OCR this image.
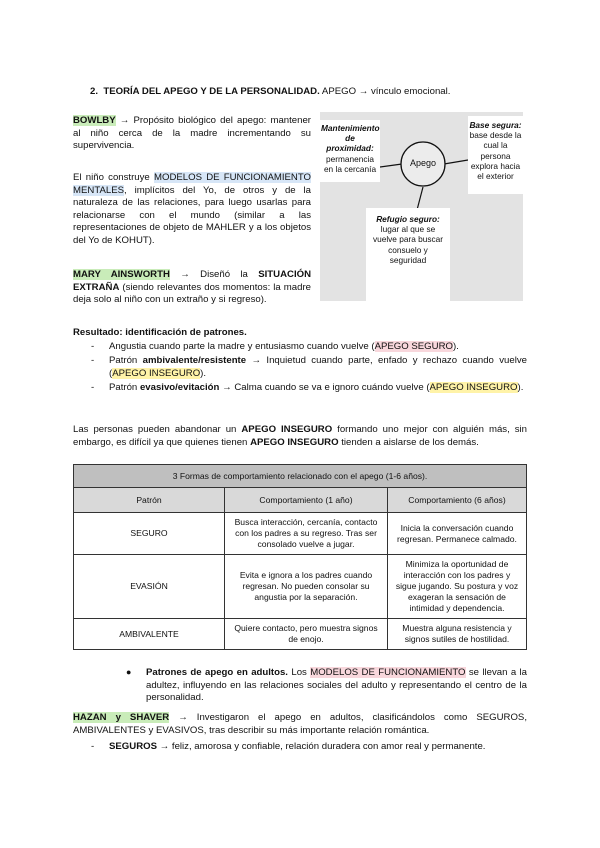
2. TEORÍA DEL APEGO Y DE LA PERSONALIDAD. APEGO → vínculo emocional.
BOWLBY → Propósito biológico del apego: mantener al niño cerca de la madre incrementando su supervivencia.
El niño construye MODELOS DE FUNCIONAMIENTO MENTALES, implícitos del Yo, de otros y de la naturaleza de las relaciones, para luego usarlas para relacionarse con el mundo (similar a las representaciones de objeto de MAHLER y a los objetos del Yo de KOHUT).
MARY AINSWORTH → Diseñó la SITUACIÓN EXTRAÑA (siendo relevantes dos momentos: la madre deja solo al niño con un extraño y si regreso).
Apego
Mantenimiento de proximidad:
permanencia en la cercanía
Base segura:
base desde la cual la persona explora hacia el exterior
Refugio seguro:
lugar al que se vuelve para buscar consuelo y seguridad
Resultado: identificación de patrones.
- Angustia cuando parte la madre y entusiasmo cuando vuelve (APEGO SEGURO).
- Patrón ambivalente/resistente → Inquietud cuando parte, enfado y rechazo cuando vuelve (APEGO INSEGURO).
- Patrón evasivo/evitación → Calma cuando se va e ignoro cuándo vuelve (APEGO INSEGURO).
Las personas pueden abandonar un APEGO INSEGURO formando uno mejor con alguién más, sin embargo, es difícil ya que quienes tienen APEGO INSEGURO tienden a aislarse de los demás.
3 Formas de comportamiento relacionado con el apego (1-6 años).		
Patrón	Comportamiento (1 año)	Comportamiento (6 años)
SEGURO	Busca interacción, cercanía, contacto con los padres a su regreso. Tras ser consolado vuelve a jugar.	Inicia la conversación cuando regresan. Permanece calmado.
EVASIÓN	Evita e ignora a los padres cuando regresan. No pueden consolar su angustia por la separación.	Minimiza la oportunidad de interacción con los padres y sigue jugando. Su postura y voz exageran la sensación de intimidad y dependencia.
AMBIVALENTE	Quiere contacto, pero muestra signos de enojo.	Muestra alguna resistencia y signos sutiles de hostilidad.
● Patrones de apego en adultos. Los MODELOS DE FUNCIONAMIENTO se llevan a la adultez, influyendo en las relaciones sociales del adulto y representando el centro de la personalidad.
HAZAN y SHAVER → Investigaron el apego en adultos, clasificándolos como SEGUROS, AMBIVALENTES y EVASIVOS, tras describir su más importante relación romántica.
- SEGUROS → feliz, amorosa y confiable, relación duradera con amor real y permanente.
